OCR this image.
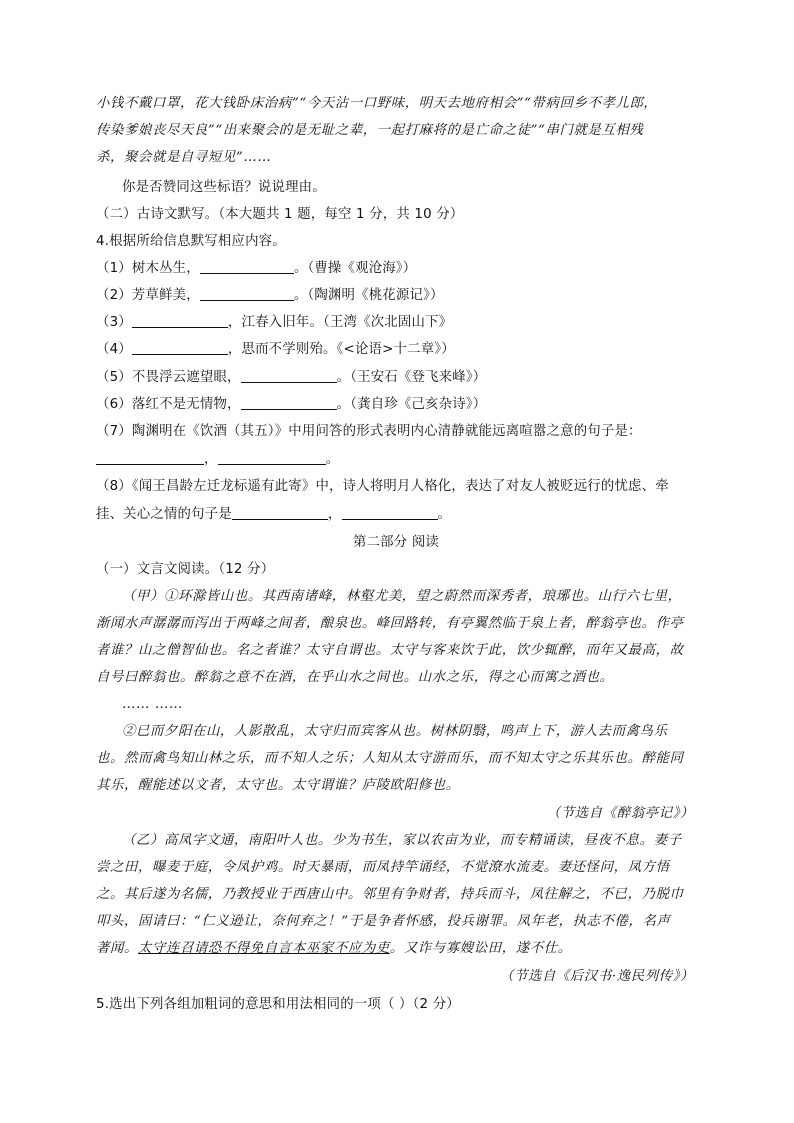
小钱不戴口罩，花大钱卧床治病”“今天沾一口野味，明天去地府相会”“带病回乡不孝儿郎，
传染爹娘丧尽天良”“出来聚会的是无耻之辈，一起打麻将的是亡命之徒”“串门就是互相残
杀，聚会就是自寻短见”……
你是否赞同这些标语？说说理由。
（二）古诗文默写。（本大题共 1 题，每空 1 分，共 10 分）
4.根据所给信息默写相应内容。
（1）树木丛生，	。（曹操《观沧海》）
（2）芳草鲜美，	。（陶渊明《桃花源记》）
（3）	，江春入旧年。（王湾《次北固山下》
（4）	，思而不学则殆。《<论语>十二章》）
（5）不畏浮云遮望眼，	。（王安石《登飞来峰》）
（6）落红不是无情物，	。（龚自珍《己亥杂诗》）
（7）陶渊明在《饮酒（其五）》中用问答的形式表明内心清静就能远离喧嚣之意的句子是：
，	。
（8）《闻王昌龄左迁龙标遥有此寄》中，诗人将明月人格化，表达了对友人被贬远行的忧虑、牵
挂、关心之情的句子是	，	。
第二部分 阅读
（一）文言文阅读。（12 分）
（甲）①环滁皆山也。其西南诸峰，林壑尤美，望之蔚然而深秀者，琅琊也。山行六七里，
渐闻水声潺潺而泻出于两峰之间者，酿泉也。峰回路转，有亭翼然临于泉上者，醉翁亭也。作亭
者谁？山之僧智仙也。名之者谁？太守自谓也。太守与客来饮于此，饮少辄醉，而年又最高，故
自号曰醉翁也。醉翁之意不在酒，在乎山水之间也。山水之乐，得之心而寓之酒也。
…… ……
②已而夕阳在山，人影散乱，太守归而宾客从也。树林阴翳，鸣声上下，游人去而禽鸟乐
也。然而禽鸟知山林之乐，而不知人之乐；人知从太守游而乐，而不知太守之乐其乐也。醉能同
其乐，醒能述以文者，太守也。太守谓谁？庐陵欧阳修也。
（节选自《醉翁亭记》）
（乙）高凤字文通，南阳叶人也。少为书生，家以农亩为业，而专精诵读，昼夜不息。妻子
尝之田，曝麦于庭，令凤护鸡。时天暴雨，而凤持竿诵经，不觉潦水流麦。妻还怪问，凤方悟
之。其后遂为名儒，乃教授业于西唐山中。邻里有争财者，持兵而斗，凤往解之，不已，乃脱巾
叩头，固请曰：“仁义逊让，奈何弃之！”于是争者怀感，投兵谢罪。凤年老，执志不倦，名声
著闻。太守连召请恐不得免自言本巫家不应为吏。又诈与寡嫂讼田，遂不仕。
（节选自《后汉书·逸民列传》）
5.选出下列各组加粗词的意思和用法相同的一项（ ）（2 分）
